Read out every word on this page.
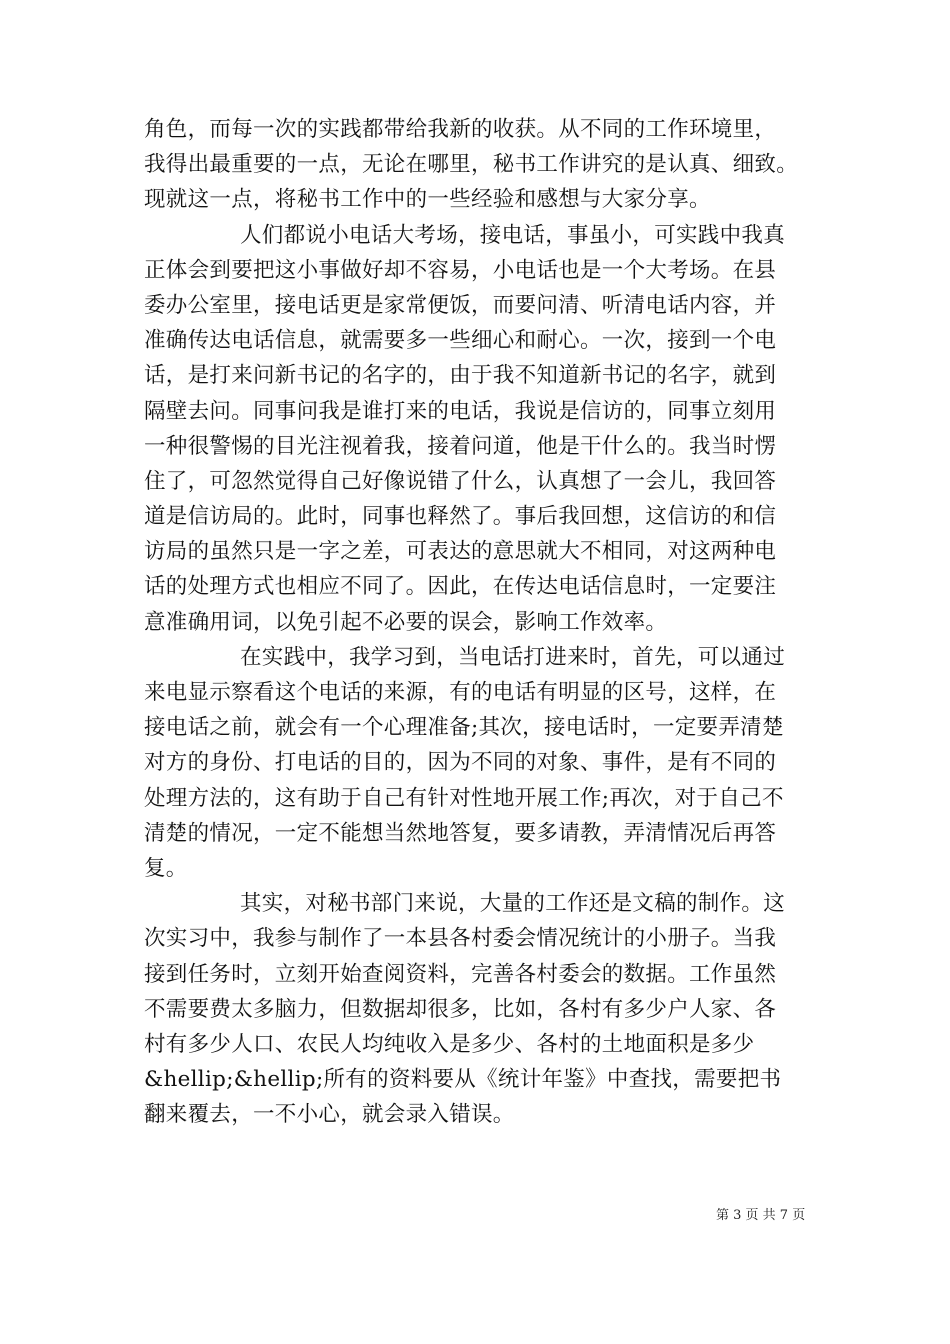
角色，而每一次的实践都带给我新的收获。从不同的工作环境里，
我得出最重要的一点，无论在哪里，秘书工作讲究的是认真、细致。
现就这一点，将秘书工作中的一些经验和感想与大家分享。

人们都说小电话大考场，接电话，事虽小，可实践中我真
正体会到要把这小事做好却不容易，小电话也是一个大考场。在县
委办公室里，接电话更是家常便饭，而要问清、听清电话内容，并
准确传达电话信息，就需要多一些细心和耐心。一次，接到一个电
话，是打来问新书记的名字的，由于我不知道新书记的名字，就到
隔壁去问。同事问我是谁打来的电话，我说是信访的，同事立刻用
一种很警惕的目光注视着我，接着问道，他是干什么的。我当时愣
住了，可忽然觉得自己好像说错了什么，认真想了一会儿，我回答
道是信访局的。此时，同事也释然了。事后我回想，这信访的和信
访局的虽然只是一字之差，可表达的意思就大不相同，对这两种电
话的处理方式也相应不同了。因此，在传达电话信息时，一定要注
意准确用词，以免引起不必要的误会，影响工作效率。

在实践中，我学习到，当电话打进来时，首先，可以通过
来电显示察看这个电话的来源，有的电话有明显的区号，这样，在
接电话之前，就会有一个心理准备;其次，接电话时，一定要弄清楚
对方的身份、打电话的目的，因为不同的对象、事件，是有不同的
处理方法的，这有助于自己有针对性地开展工作;再次，对于自己不
清楚的情况，一定不能想当然地答复，要多请教，弄清情况后再答
复。

其实，对秘书部门来说，大量的工作还是文稿的制作。这
次实习中，我参与制作了一本县各村委会情况统计的小册子。当我
接到任务时，立刻开始查阅资料，完善各村委会的数据。工作虽然
不需要费太多脑力，但数据却很多，比如，各村有多少户人家、各
村有多少人口、农民人均纯收入是多少、各村的土地面积是多少
&hellip;&hellip;所有的资料要从《统计年鉴》中查找，需要把书
翻来覆去，一不小心，就会录入错误。

第 3 页 共 7 页
